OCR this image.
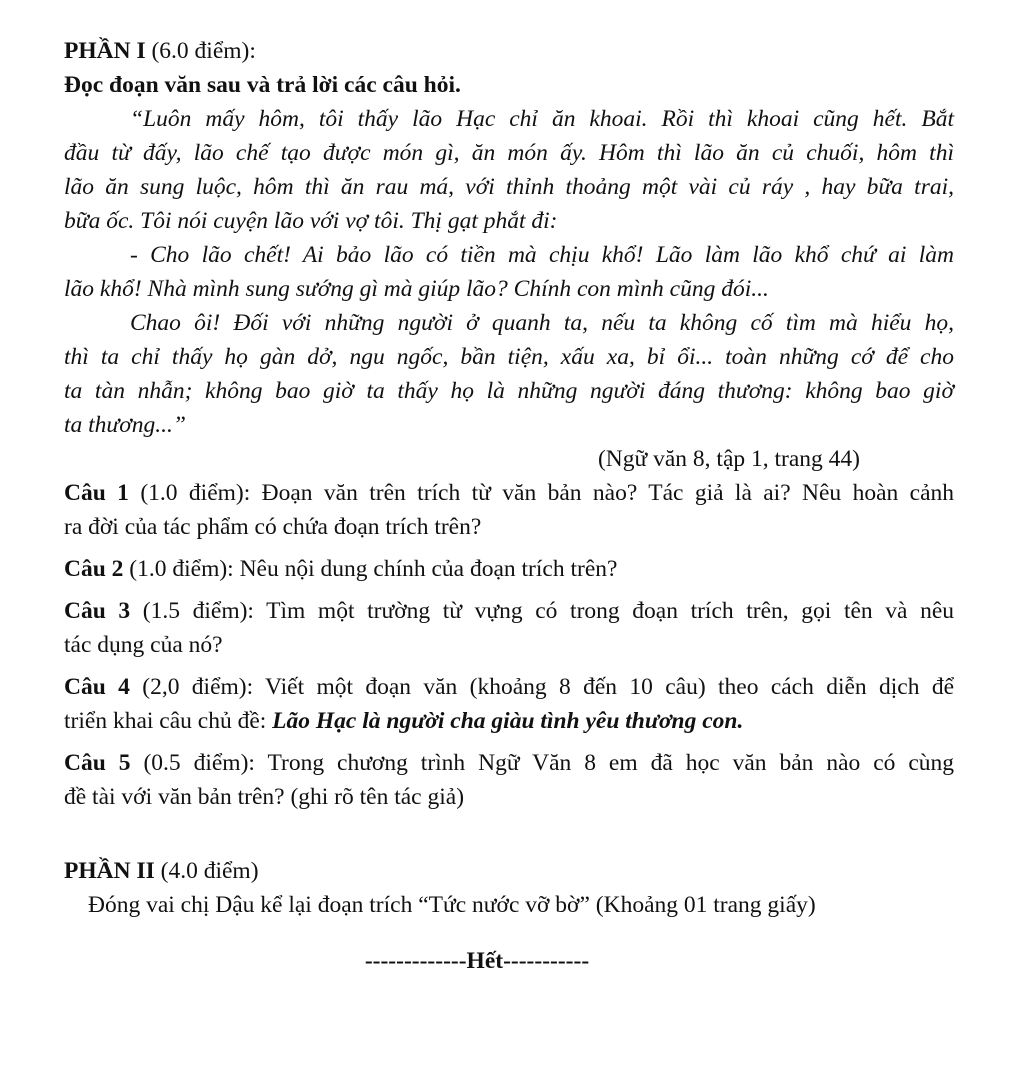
PHẦN I (6.0 điểm):
Đọc đoạn văn sau và trả lời các câu hỏi.
“Luôn mấy hôm, tôi thấy lão Hạc chỉ ăn khoai. Rồi thì khoai cũng hết. Bắt
đầu từ đấy, lão chế tạo được món gì, ăn món ấy. Hôm thì lão ăn củ chuối, hôm thì
lão ăn sung luộc, hôm thì ăn rau má, với thỉnh thoảng một vài củ ráy , hay bữa trai,
bữa ốc. Tôi nói cuyện lão với vợ tôi. Thị gạt phắt đi:
- Cho lão chết! Ai bảo lão có tiền mà chịu khổ! Lão làm lão khổ chứ ai làm
lão khổ! Nhà mình sung sướng gì mà giúp lão? Chính con mình cũng đói...
Chao ôi! Đối với những người ở quanh ta, nếu ta không cố tìm mà hiểu họ,
thì ta chỉ thấy họ gàn dở, ngu ngốc, bần tiện, xấu xa, bỉ ổi... toàn những cớ để cho
ta tàn nhẫn; không bao giờ ta thấy họ là những người đáng thương: không bao giờ
ta thương...”
(Ngữ văn 8, tập 1, trang 44)
Câu 1 (1.0 điểm): Đoạn văn trên trích từ văn bản nào? Tác giả là ai? Nêu hoàn cảnh
ra đời của tác phẩm có chứa đoạn trích trên?
Câu 2 (1.0 điểm): Nêu nội dung chính của đoạn trích trên?
Câu 3 (1.5 điểm): Tìm một trường từ vựng có trong đoạn trích trên, gọi tên và nêu
tác dụng của nó?
Câu 4 (2,0 điểm): Viết một đoạn văn (khoảng 8 đến 10 câu) theo cách diễn dịch để
triển khai câu chủ đề: Lão Hạc là người cha giàu tình yêu thương con.
Câu 5 (0.5 điểm): Trong chương trình Ngữ Văn 8 em đã học văn bản nào có cùng
đề tài với văn bản trên? (ghi rõ tên tác giả)
PHẦN II (4.0 điểm)
Đóng vai chị Dậu kể lại đoạn trích “Tức nước vỡ bờ” (Khoảng 01 trang giấy)
-------------Hết-----------
